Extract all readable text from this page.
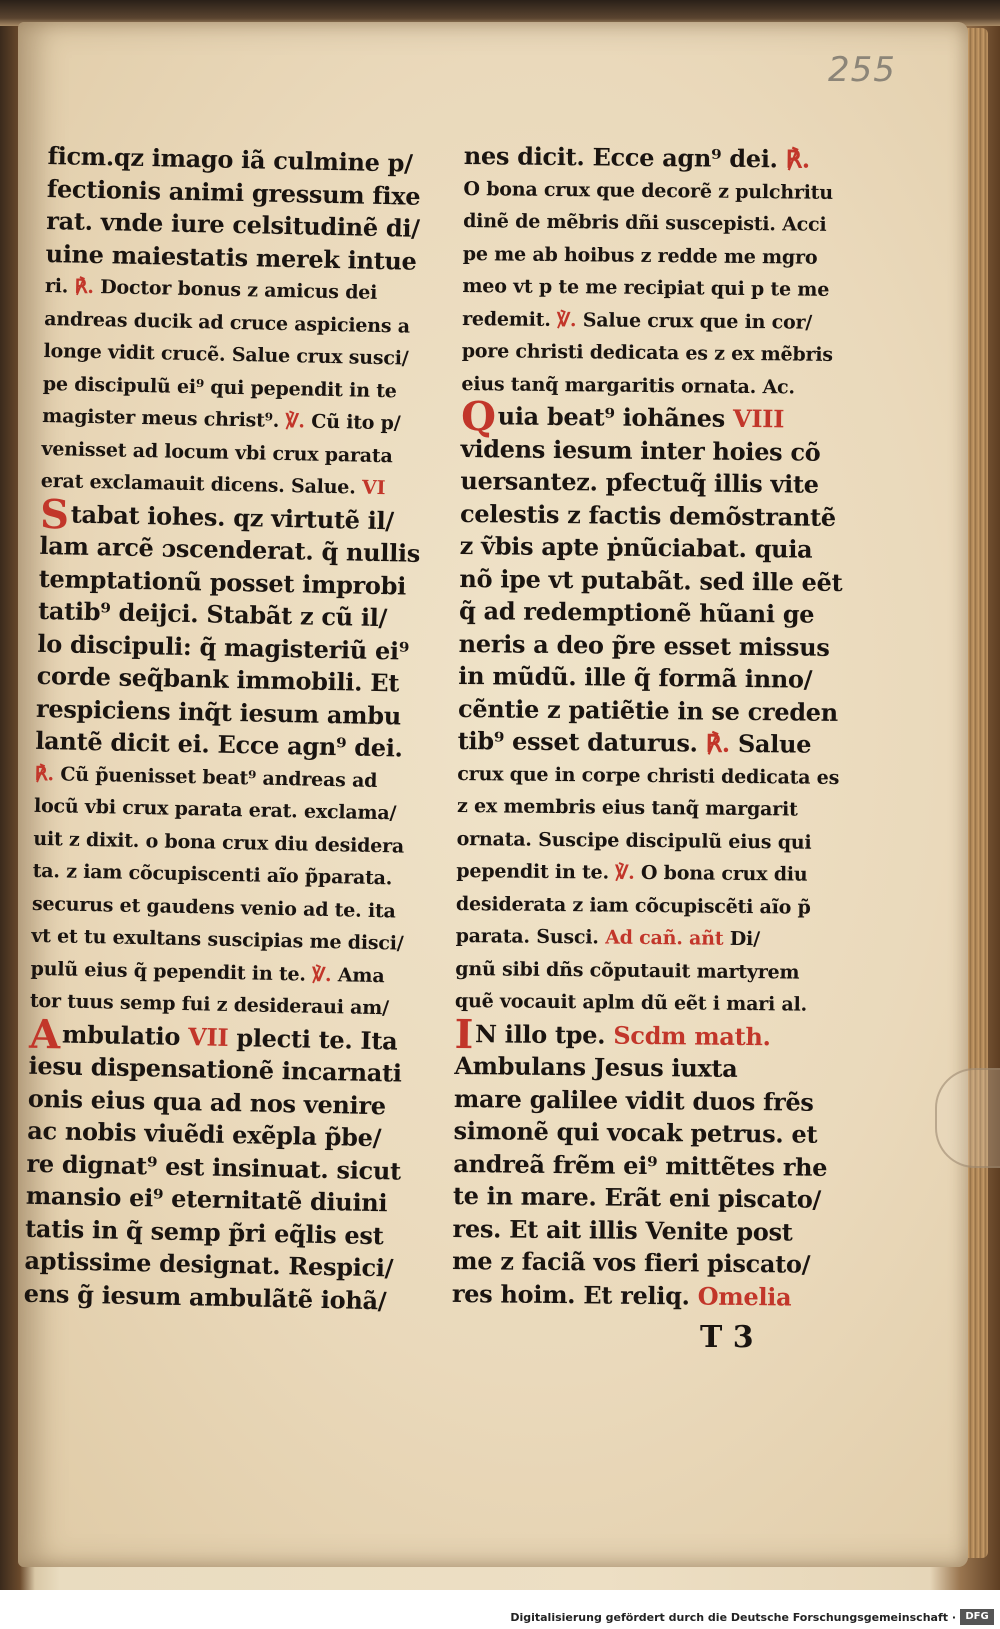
255
ficm.qz imago iã culmine p/
fectionis animi gressum fixe
rat. vnde iure celsitudinẽ di/
uine maiestatis merek intue
ri. ℟. Doctor bonus z amicus dei
andreas ducik ad cruce aspiciens a
longe vidit crucẽ. Salue crux susci/
pe discipulũ ei⁹ qui pependit in te
magister meus christ⁹. ℣. Cũ ito p/
venisset ad locum vbi crux parata
erat exclamauit dicens. Salue. VI
Stabat iohes. qz virtutẽ il/
lam arcẽ ɔscenderat. q̃ nullis
temptationũ posset improbi
tatib⁹ deijci. Stabãt z cũ il/
lo discipuli: q̃ magisteriũ ei⁹
corde seq̃bank immobili. Et
respiciens inq̃t iesum ambu
lantẽ dicit ei. Ecce agn⁹ dei.
℟. Cũ p̃uenisset beat⁹ andreas ad
locũ vbi crux parata erat. exclama/
uit z dixit. o bona crux diu desidera
ta. z iam cõcupiscenti aĩo p̃parata.
securus et gaudens venio ad te. ita
vt et tu exultans suscipias me disci/
pulũ eius q̃ pependit in te. ℣. Ama
tor tuus semp fui z desideraui am/
Ambulatio VII plecti te. Ita
iesu dispensationẽ incarnati
onis eius qua ad nos venire
ac nobis viuẽdi exẽpla p̃be/
re dignat⁹ est insinuat. sicut
mansio ei⁹ eternitatẽ diuini
tatis in q̃ semp p̃ri eq̃lis est
aptissime designat. Respici/
ens g̃ iesum ambulãtẽ iohã/
nes dicit. Ecce agn⁹ dei. ℟.
O bona crux que decorẽ z pulchritu
dinẽ de mẽbris dñi suscepisti. Acci
pe me ab hoibus z redde me mgro
meo vt p te me recipiat qui p te me
redemit. ℣. Salue crux que in cor/
pore christi dedicata es z ex mẽbris
eius tanq̃ margaritis ornata. Ac.
Quia beat⁹ iohãnes VIII
videns iesum inter hoies cõ
uersantez. pfectuq̃ illis vite
celestis z factis demõstrantẽ
z ṽbis apte ṗnũciabat. quia
nõ ipe vt putabãt. sed ille eẽt
q̃ ad redemptionẽ hũani ge
neris a deo p̃re esset missus
in mũdũ. ille q̃ formã inno/
cẽntie z patiẽtie in se creden
tib⁹ esset daturus. ℟. Salue
crux que in corpe christi dedicata es
z ex membris eius tanq̃ margarit
ornata. Suscipe discipulũ eius qui
pependit in te. ℣. O bona crux diu
desiderata z iam cõcupiscẽti aĩo p̃
parata. Susci. Ad cañ. añt Di/
gnũ sibi dñs cõputauit martyrem
quẽ vocauit aplm dũ eẽt i mari al.
IN illo tpe. Scdm math.
Ambulans Jesus iuxta
mare galilee vidit duos frẽs
simonẽ qui vocak petrus. et
andreã frẽm ei⁹ mittẽtes rhe
te in mare. Erãt eni piscato/
res. Et ait illis Venite post
me z faciã vos fieri piscato/
res hoim. Et reliq. Omelia
T 3
Digitalisierung gefördert durch die Deutsche Forschungsgemeinschaft · DFG
